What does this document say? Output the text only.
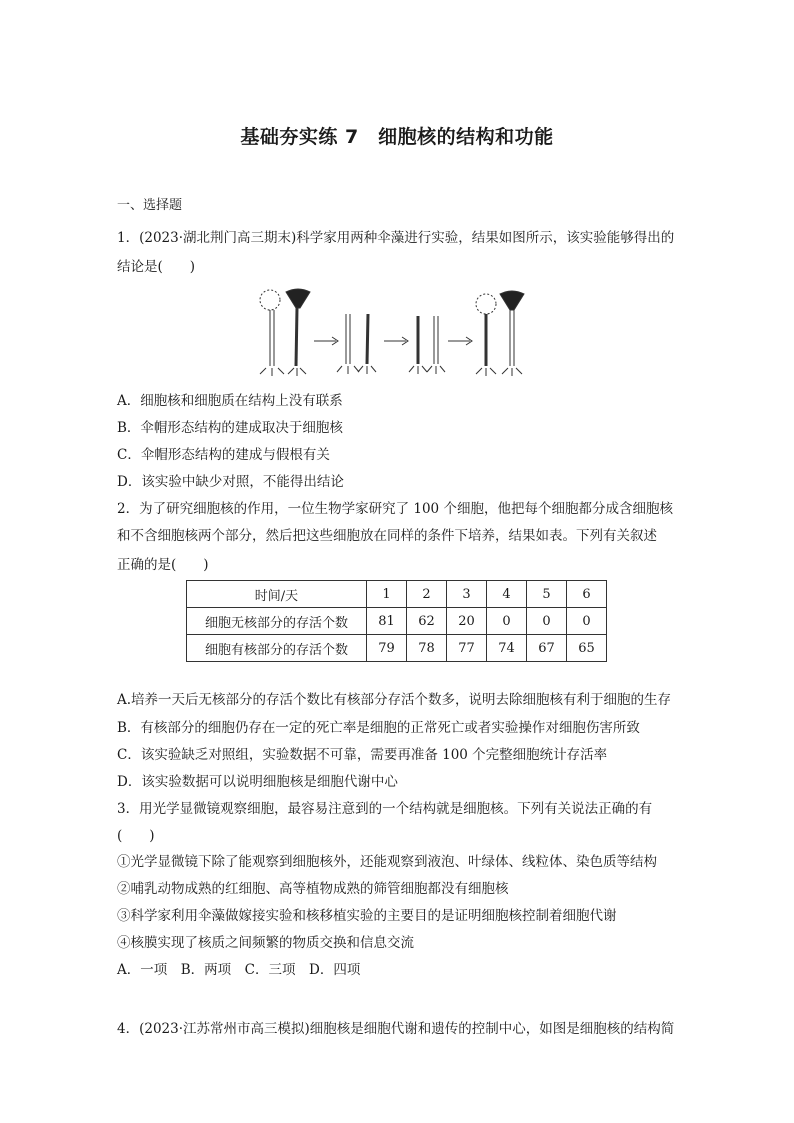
基础夯实练 7　细胞核的结构和功能
一、选择题
1．(2023·湖北荆门高三期末)科学家用两种伞藻进行实验，结果如图所示，该实验能够得出的
结论是(　　)
A．细胞核和细胞质在结构上没有联系
B．伞帽形态结构的建成取决于细胞核
C．伞帽形态结构的建成与假根有关
D．该实验中缺少对照，不能得出结论
2．为了研究细胞核的作用，一位生物学家研究了 100 个细胞，他把每个细胞都分成含细胞核
和不含细胞核两个部分，然后把这些细胞放在同样的条件下培养，结果如表。下列有关叙述
正确的是(　　)
时间/天	1	2	3	4	5	6
细胞无核部分的存活个数	81	62	20	0	0	0
细胞有核部分的存活个数	79	78	77	74	67	65
A.培养一天后无核部分的存活个数比有核部分存活个数多，说明去除细胞核有利于细胞的生存
B．有核部分的细胞仍存在一定的死亡率是细胞的正常死亡或者实验操作对细胞伤害所致
C．该实验缺乏对照组，实验数据不可靠，需要再准备 100 个完整细胞统计存活率
D．该实验数据可以说明细胞核是细胞代谢中心
3．用光学显微镜观察细胞，最容易注意到的一个结构就是细胞核。下列有关说法正确的有
(　　)
①光学显微镜下除了能观察到细胞核外，还能观察到液泡、叶绿体、线粒体、染色质等结构
②哺乳动物成熟的红细胞、高等植物成熟的筛管细胞都没有细胞核
③科学家利用伞藻做嫁接实验和核移植实验的主要目的是证明细胞核控制着细胞代谢
④核膜实现了核质之间频繁的物质交换和信息交流
A．一项　B．两项　C．三项　D．四项
4．(2023·江苏常州市高三模拟)细胞核是细胞代谢和遗传的控制中心，如图是细胞核的结构简
